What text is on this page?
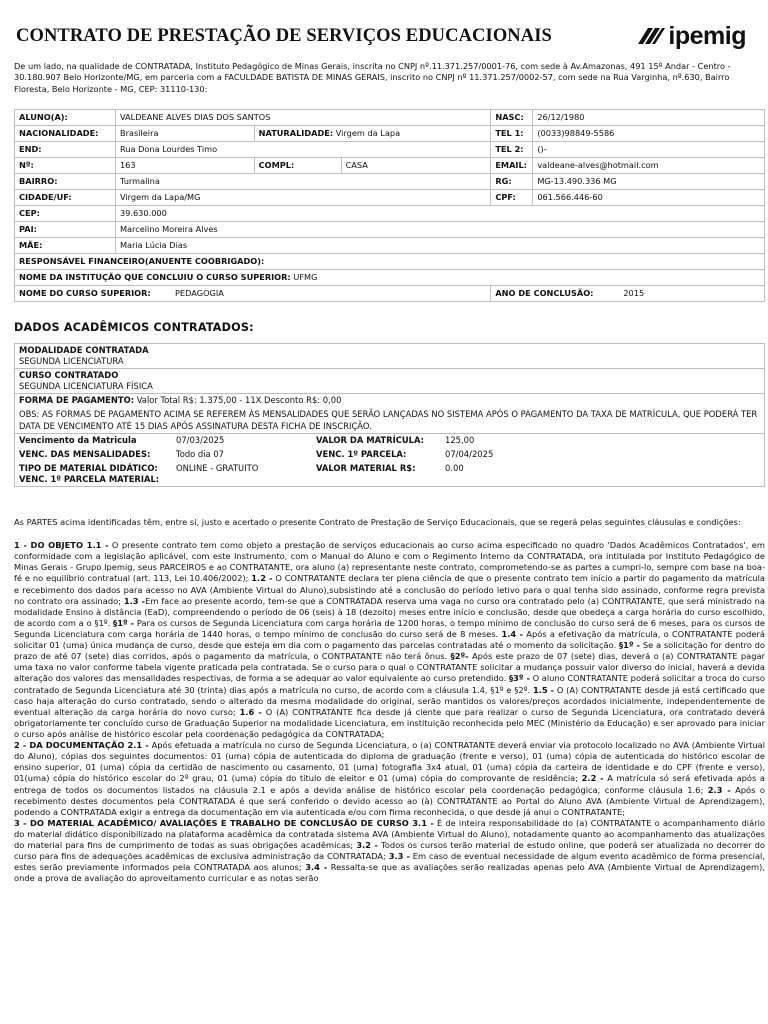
CONTRATO DE PRESTAÇÃO DE SERVIÇOS EDUCACIONAIS	ipemig
De um lado, na qualidade de CONTRATADA, Instituto Pedagógico de Minas Gerais, inscrita no CNPJ nº.11.371.257/0001-76, com sede à Av.Amazonas, 491 15º Andar - Centro - 30.180.907 Belo Horizonte/MG, em parceria com a FACULDADE BATISTA DE MINAS GERAIS, inscrito no CNPJ nº 11.371.257/0002-57, com sede na Rua Varginha, nº.630, Bairro Floresta, Belo Horizonte - MG, CEP: 31110-130:
ALUNO(A):	VALDEANE ALVES DIAS DOS SANTOS			NASC:	26/12/1980
NACIONALIDADE:	Brasileira	NATURALIDADE: Virgem da Lapa		TEL 1:	(0033)98849-5586
END:	Rua Dona Lourdes Timo			TEL 2:	()-
Nº:	163	COMPL:	CASA	EMAIL:	valdeane-alves@hotmail.com
BAIRRO:	Turmalina			RG:	MG-13.490.336 MG
CIDADE/UF:	Virgem da Lapa/MG			CPF:	061.566.446-60
CEP:	39.630.000				
PAI:	Marcelino Moreira Alves				
MÃE:	Maria Lúcia Dias				
RESPONSÁVEL FINANCEIRO(ANUENTE COOBRIGADO):					
NOME DA INSTITUÇÃO QUE CONCLUIU O CURSO SUPERIOR: UFMG					
NOME DO CURSO SUPERIOR: PEDAGOGIA				ANO DE CONCLUSÃO: 2015	
DADOS ACADÊMICOS CONTRATADOS:
MODALIDADE CONTRATADA
SEGUNDA LICENCIATURA
CURSO CONTRATADO
SEGUNDA LICENCIATURA FÍSICA
FORMA DE PAGAMENTO: Valor Total R$: 1.375,00 - 11X Desconto R$: 0,00
OBS: AS FORMAS DE PAGAMENTO ACIMA SE REFEREM ÀS MENSALIDADES QUE SERÃO LANÇADAS NO SISTEMA APÓS O PAGAMENTO DA TAXA DE MATRÍCULA, QUE PODERÁ TER DATA DE VENCIMENTO ATÉ 15 DIAS APÓS ASSINATURA DESTA FICHA DE INSCRIÇÃO.
Vencimento da Matricula	07/03/2025	VALOR DA MATRÍCULA:	125,00
VENC. DAS MENSALIDADES:	Todo dia 07	VENC. 1º PARCELA:	07/04/2025
TIPO DE MATERIAL DIDÁTICO:	ONLINE - GRATUITO	VALOR MATERIAL R$:	0.00
VENC. 1º PARCELA MATERIAL:

As PARTES acima identificadas têm, entre si, justo e acertado o presente Contrato de Prestação de Serviço Educacionais, que se regerá pelas seguintes cláusulas e condições:

1 - DO OBJETO 1.1 - O presente contrato tem como objeto a prestação de serviços educacionais ao curso acima especificado no quadro 'Dados Acadêmicos Contratados', em conformidade com a legislação aplicável, com este Instrumento, com o Manual do Aluno e com o Regimento Interno da CONTRATADA, ora intitulada por Instituto Pedagógico de Minas Gerais - Grupo Ipemig, seus PARCEIROS e ao CONTRATANTE, ora aluno (a) representante neste contrato, comprometendo-se as partes a cumpri-lo, sempre com base na boa-fé e no equilíbrio contratual (art. 113, Lei 10.406/2002); 1.2 - O CONTRATANTE declara ter plena ciência de que o presente contrato tem início a partir do pagamento da matrícula e recebimento dos dados para acesso no AVA (Ambiente Virtual do Aluno),subsistindo até a conclusão do período letivo para o qual tenha sido assinado, conforme regra prevista no contrato ora assinado; 1.3 -Em face ao presente acordo, tem-se que a CONTRATADA reserva uma vaga no curso ora contratado pelo (a) CONTRATANTE, que será ministrado na modalidade Ensino à distância (EaD), compreendendo o período de 06 (seis) à 18 (dezoito) meses entre início e conclusão, desde que obedeça a carga horária do curso escolhido, de acordo com a o §1º. §1º - Para os cursos de Segunda Licenciatura com carga horária de 1200 horas, o tempo mínimo de conclusão do curso será de 6 meses, para os cursos de Segunda Licenciatura com carga horária de 1440 horas, o tempo mínimo de conclusão do curso será de 8 meses. 1.4 - Após a efetivação da matrícula, o CONTRATANTE poderá solicitar 01 (uma) única mudança de curso, desde que esteja em dia com o pagamento das parcelas contratadas até o momento da solicitação. §1º - Se a solicitação for dentro do prazo de até 07 (sete) dias corridos, após o pagamento da matrícula, o CONTRATANTE não terá ônus. §2º- Após este prazo de 07 (sete) dias, deverá o (a) CONTRATANTE pagar uma taxa no valor conforme tabela vigente praticada pela contratada. Se o curso para o qual o CONTRATANTE solicitar a mudança possuir valor diverso do inicial, haverá a devida alteração dos valores das mensalidades respectivas, de forma a se adequar ao valor equivalente ao curso pretendido. §3º - O aluno CONTRATANTE poderá solicitar a troca do curso contratado de Segunda Licenciatura até 30 (trinta) dias após a matrícula no curso, de acordo com a cláusula 1.4, §1º e §2º. 1.5 - O (A) CONTRATANTE desde já está certificado que caso haja alteração do curso contratado, sendo o alterado da mesma modalidade do original, serão mantidos os valores/preços acordados inicialmente, independentemente de eventual alteração da carga horária do novo curso; 1.6 - O (A) CONTRATANTE fica desde já ciente que para realizar o curso de Segunda Licenciatura, ora contratado deverá obrigatoriamente ter concluído curso de Graduação Superior na modalidade Licenciatura, em instituição reconhecida pelo MEC (Ministério da Educação) e ser aprovado para iniciar o curso após análise de histórico escolar pela coordenação pedagógica da CONTRATADA;

2 - DA DOCUMENTAÇÃO 2.1 - Após efetuada a matrícula no curso de Segunda Licenciatura, o (a) CONTRATANTE deverá enviar via protocolo localizado no AVA (Ambiente Virtual do Aluno), cópias dos seguintes documentos: 01 (uma) cópia de autenticada do diploma de graduação (frente e verso), 01 (uma) cópia de autenticada do histórico escolar de ensino superior, 01 (uma) cópia da certidão de nascimento ou casamento, 01 (uma) fotografia 3x4 atual, 01 (uma) cópia da carteira de identidade e do CPF (frente e verso), 01(uma) cópia do histórico escolar do 2º grau, 01 (uma) cópia do título de eleitor e 01 (uma) cópia do comprovante de residência; 2.2 - A matrícula só será efetivada após a entrega de todos os documentos listados na cláusula 2.1 e após a devida análise de histórico escolar pela coordenação pedagógica, conforme cláusula 1.6; 2.3 - Após o recebimento destes documentos pela CONTRATADA é que será conferido o devido acesso ao (à) CONTRATANTE ao Portal do Aluno AVA (Ambiente Virtual de Aprendizagem), podendo a CONTRATADA exigir a entrega da documentação em via autenticada e/ou com firma reconhecida, o que desde já anui o CONTRATANTE;

3 - DO MATERIAL ACADÊMICO/ AVALIAÇÕES E TRABALHO DE CONCLUSÃO DE CURSO 3.1 - É de inteira responsabilidade do (a) CONTRATANTE o acompanhamento diário do material didático disponibilizado na plataforma acadêmica da contratada sistema AVA (Ambiente Virtual do Aluno), notadamente quanto ao acompanhamento das atualizações do material para fins de cumprimento de todas as suas obrigações acadêmicas; 3.2 - Todos os cursos terão material de estudo online, que poderá ser atualizada no decorrer do curso para fins de adequações acadêmicas de exclusiva administração da CONTRATADA; 3.3 - Em caso de eventual necessidade de algum evento acadêmico de forma presencial, estes serão previamente informados pela CONTRATADA aos alunos; 3.4 - Ressalta-se que as avaliações serão realizadas apenas pelo AVA (Ambiente Virtual de Aprendizagem), onde a prova de avaliação do aproveitamento curricular e as notas serão
